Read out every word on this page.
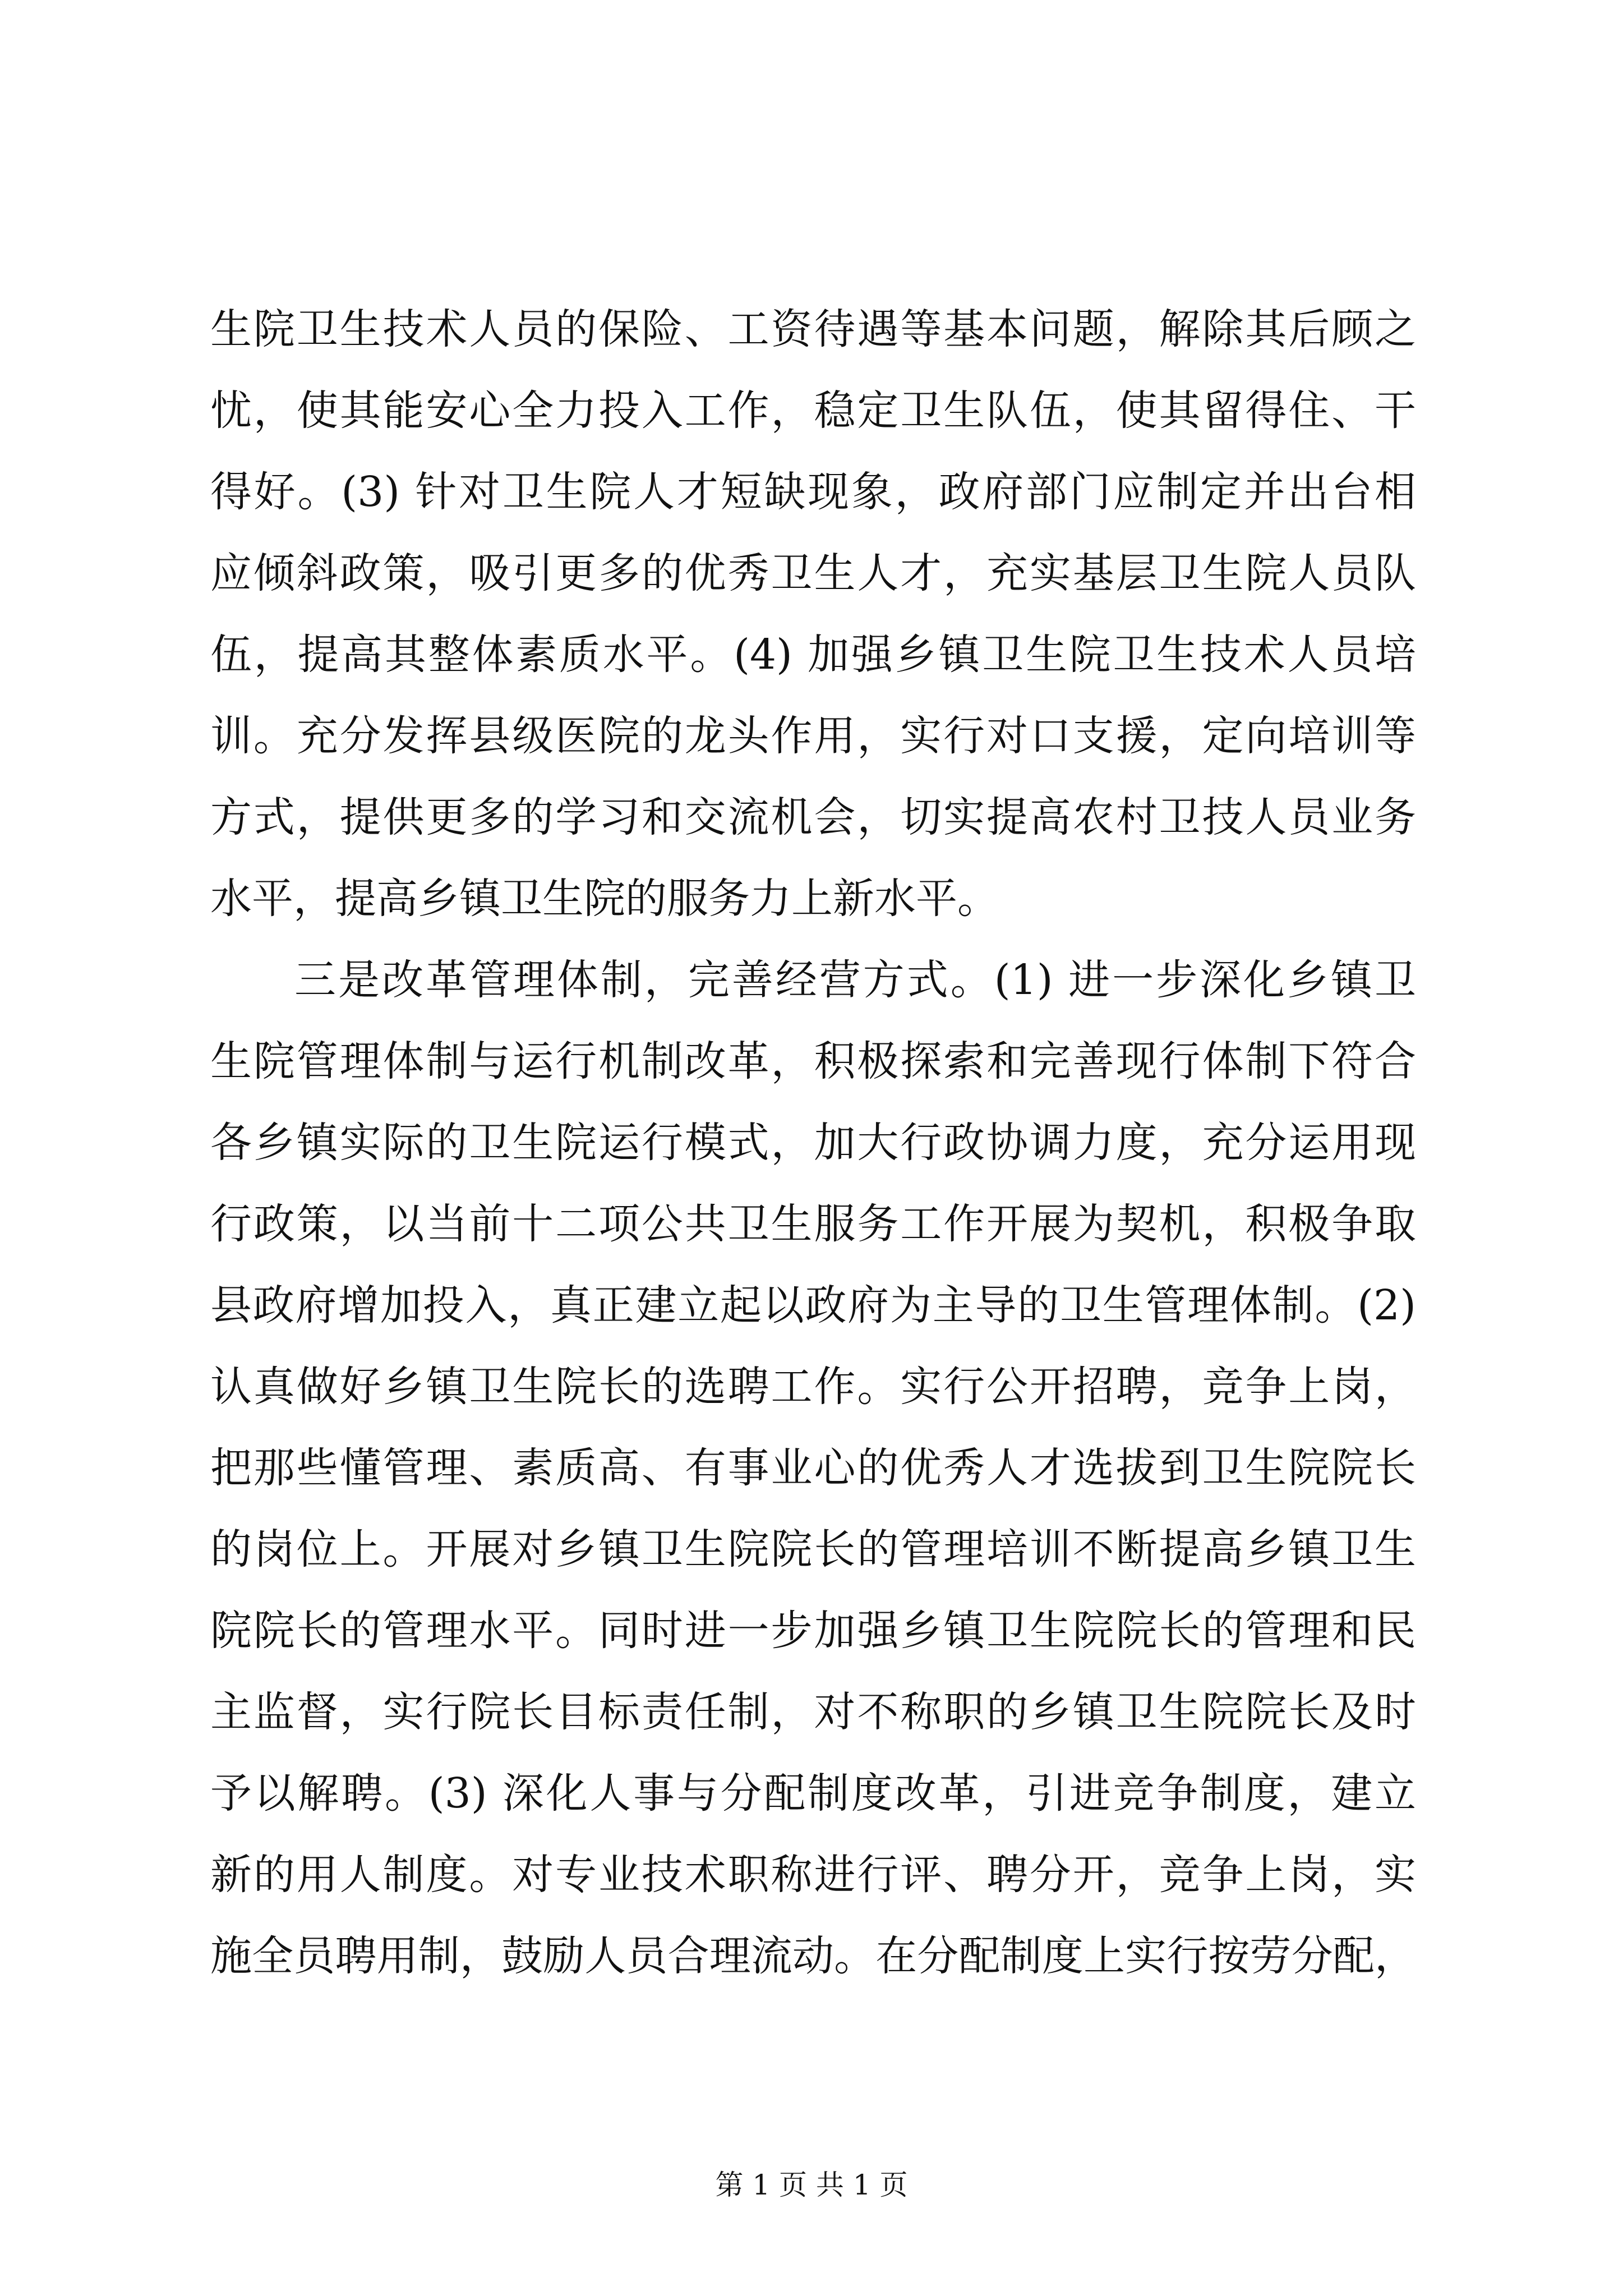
生院卫生技术人员的保险、工资待遇等基本问题，解除其后顾之
忧，使其能安心全力投入工作，稳定卫生队伍，使其留得住、干
得好。(3) 针对卫生院人才短缺现象，政府部门应制定并出台相
应倾斜政策，吸引更多的优秀卫生人才，充实基层卫生院人员队
伍，提高其整体素质水平。(4) 加强乡镇卫生院卫生技术人员培
训。充分发挥县级医院的龙头作用，实行对口支援，定向培训等
方式，提供更多的学习和交流机会，切实提高农村卫技人员业务
水平，提高乡镇卫生院的服务力上新水平。
三是改革管理体制，完善经营方式。(1) 进一步深化乡镇卫
生院管理体制与运行机制改革，积极探索和完善现行体制下符合
各乡镇实际的卫生院运行模式，加大行政协调力度，充分运用现
行政策，以当前十二项公共卫生服务工作开展为契机，积极争取
县政府增加投入，真正建立起以政府为主导的卫生管理体制。(2)
认真做好乡镇卫生院长的选聘工作。实行公开招聘，竞争上岗，
把那些懂管理、素质高、有事业心的优秀人才选拔到卫生院院长
的岗位上。开展对乡镇卫生院院长的管理培训不断提高乡镇卫生
院院长的管理水平。同时进一步加强乡镇卫生院院长的管理和民
主监督，实行院长目标责任制，对不称职的乡镇卫生院院长及时
予以解聘。(3) 深化人事与分配制度改革，引进竞争制度，建立
新的用人制度。对专业技术职称进行评、聘分开，竞争上岗，实
施全员聘用制，鼓励人员合理流动。在分配制度上实行按劳分配，
第 1 页 共 1 页
